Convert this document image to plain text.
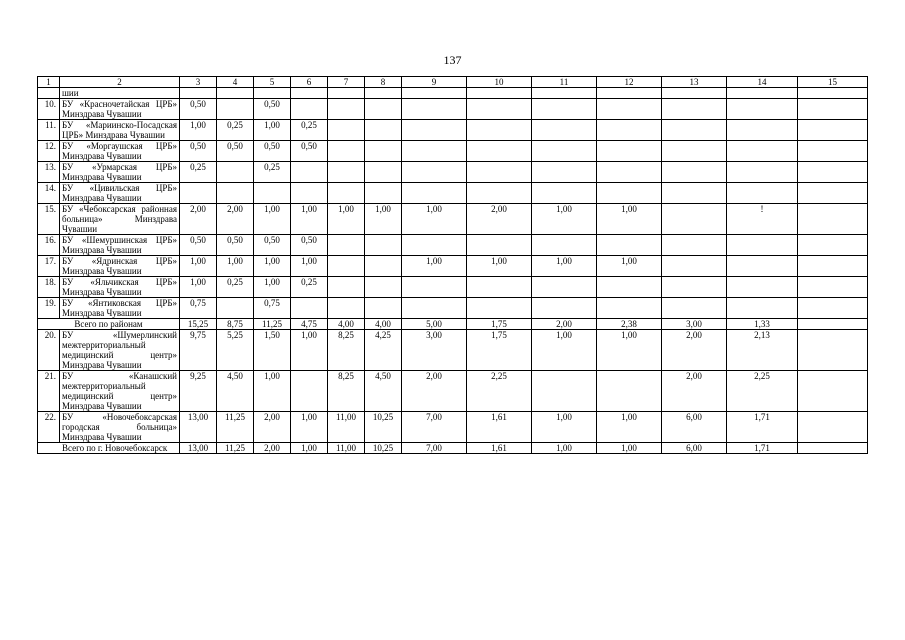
137
1	2	3	4	5	6	7	8	9	10	11	12	13	14	15
	шии													
10.	БУ «Красночетайская ЦРБ» Минздрава Чувашии	0,50		0,50										
11.	БУ «Мариинско-Посадская ЦРБ» Минздрава Чувашии	1,00	0,25	1,00	0,25									
12.	БУ «Моргаушская ЦРБ» Минздрава Чувашии	0,50	0,50	0,50	0,50									
13.	БУ «Урмарская ЦРБ» Минздрава Чувашии	0,25		0,25										
14.	БУ «Цивильская ЦРБ» Минздрава Чувашии													
15.	БУ «Чебоксарская районная больница» Минздрава Чувашии	2,00	2,00	1,00	1,00	1,00	1,00	1,00	2,00	1,00	1,00		!	
16.	БУ «Шемуршинская ЦРБ» Минздрава Чувашии	0,50	0,50	0,50	0,50									
17.	БУ «Ядринская ЦРБ» Минздрава Чувашии	1,00	1,00	1,00	1,00			1,00	1,00	1,00	1,00			
18.	БУ «Яльчикская ЦРБ» Минздрава Чувашии	1,00	0,25	1,00	0,25									
19.	БУ «Янтиковская ЦРБ» Минздрава Чувашии	0,75		0,75										
Всего по районам		15,25	8,75	11,25	4,75	4,00	4,00	5,00	1,75	2,00	2,38	3,00	1,33	
20.	БУ «Шумерлинский межтерриториальный медицинский центр» Минздрава Чувашии	9,75	5,25	1,50	1,00	8,25	4,25	3,00	1,75	1,00	1,00	2,00	2,13	
21.	БУ «Канашский межтерриториальный медицинский центр» Минздрава Чувашии	9,25	4,50	1,00		8,25	4,50	2,00	2,25			2,00	2,25	
22.	БУ «Новочебоксарская городская больница» Минздрава Чувашии	13,00	11,25	2,00	1,00	11,00	10,25	7,00	1,61	1,00	1,00	6,00	1,71	
Всего по г. Новочебоксарск		13,00	11,25	2,00	1,00	11,00	10,25	7,00	1,61	1,00	1,00	6,00	1,71	
